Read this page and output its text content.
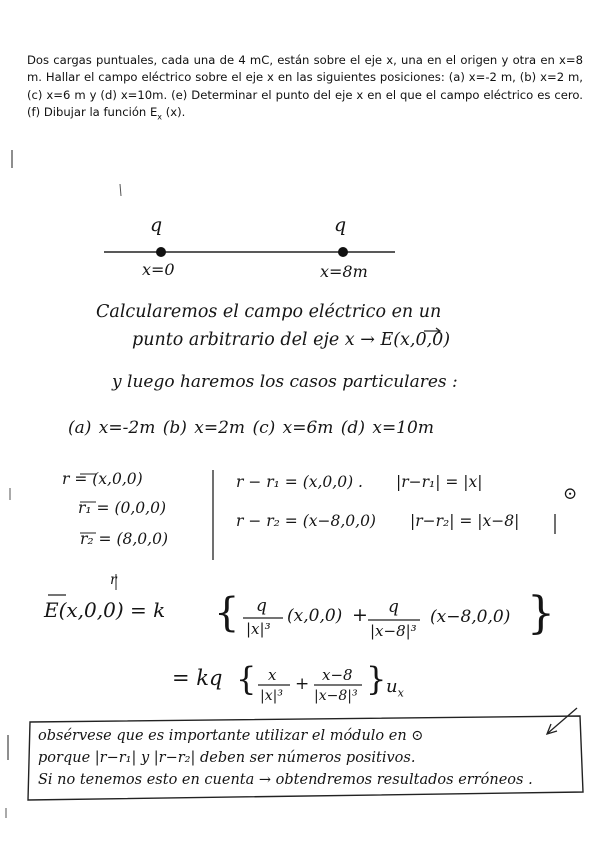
Dos cargas puntuales, cada una de 4 mC, están sobre el eje x, una en el origen y otra en x=8 m. Hallar el campo eléctrico sobre el eje x en las siguientes posiciones: (a) x=-2 m, (b) x=2 m, (c) x=6 m y (d) x=10m. (e) Determinar el punto del eje x en el que el campo eléctrico es cero. (f) Dibujar la función $E_x$ (x).
q	q
x=0	x=8m
Calcularemos el campo eléctrico en un
punto arbitrario del eje x → E(x,0,0)
y luego haremos los casos particulares :
(a) x=-2m (b) x=2m (c) x=6m (d) x=10m
r = (x,0,0)
r₁ = (0,0,0)
r₂ = (8,0,0)
r − r₁ = (x,0,0) . |r−r₁| = |x|
r − r₂ = (x−8,0,0) |r−r₂| = |x−8|
⊙
r
E(x,0,0) = k { q
|x|³
(x,0,0) + q
|x−8|³
(x−8,0,0) }
= kq { x
|x|³
+ x−8
|x−8|³ } $u_x$
obsérvese que es importante utilizar el módulo en ⊙
porque |r−r₁| y |r−r₂| deben ser números positivos.
Si no tenemos esto en cuenta → obtendremos resultados erróneos .
